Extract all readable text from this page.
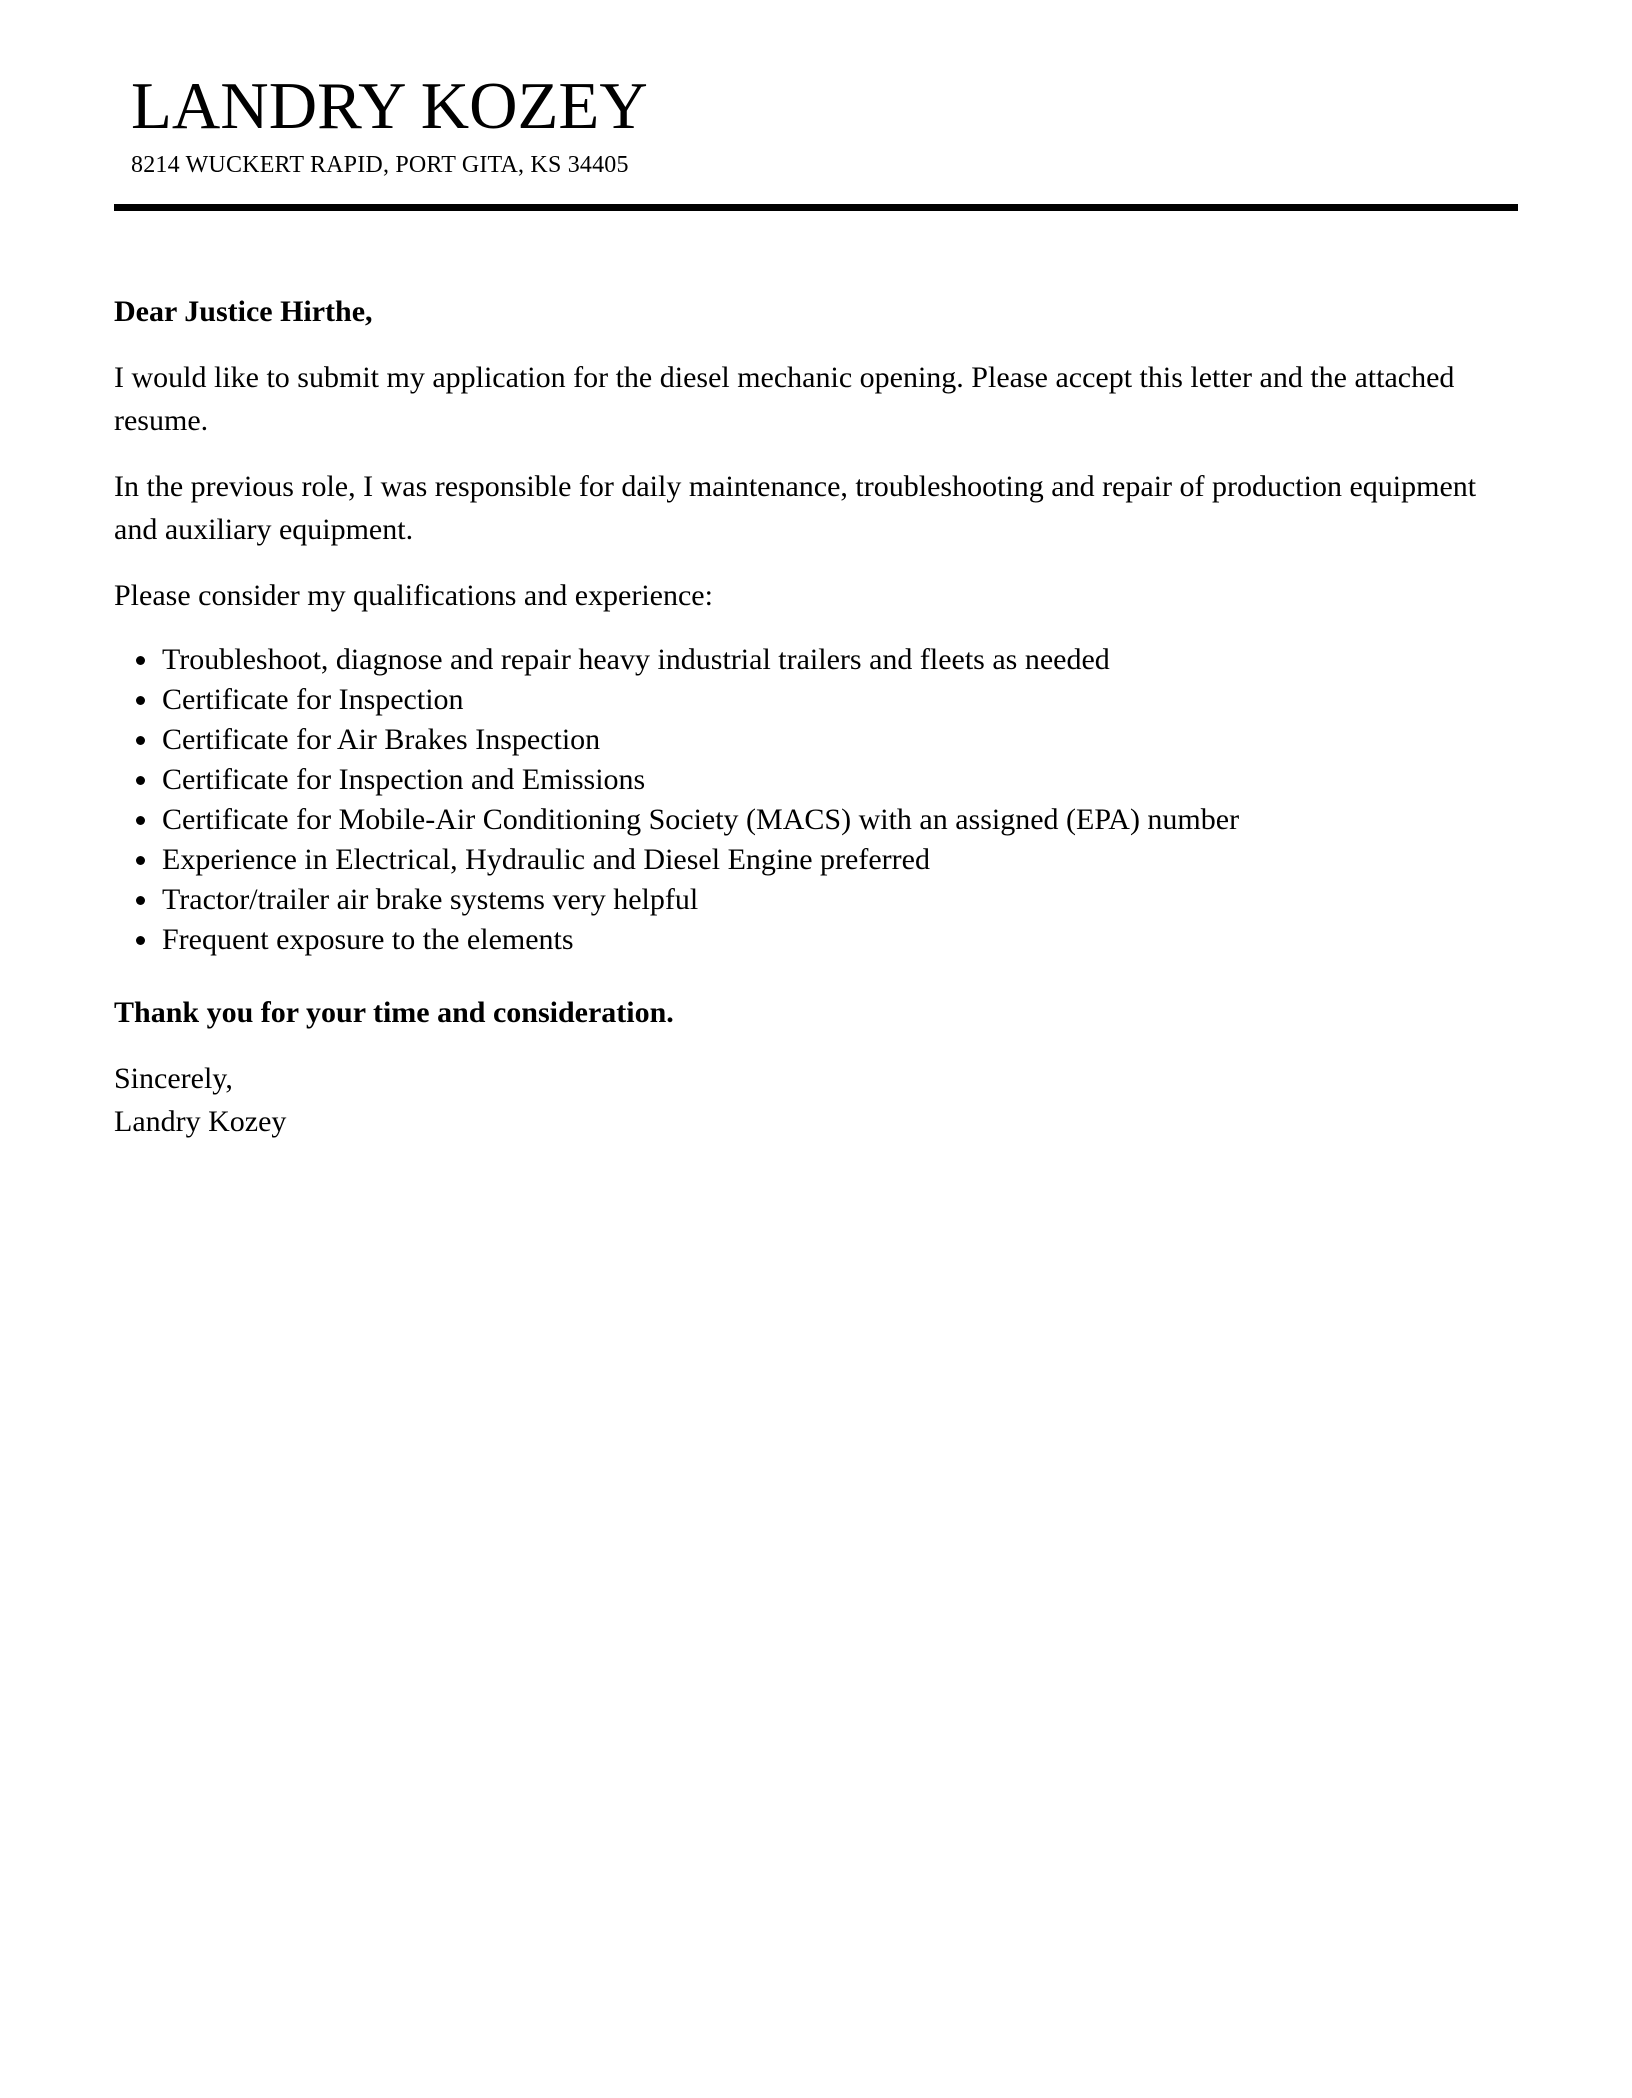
LANDRY KOZEY
8214 WUCKERT RAPID, PORT GITA, KS 34405

Dear Justice Hirthe,

I would like to submit my application for the diesel mechanic opening. Please accept this letter and the attached resume.

In the previous role, I was responsible for daily maintenance, troubleshooting and repair of production equipment and auxiliary equipment.

Please consider my qualifications and experience:

Troubleshoot, diagnose and repair heavy industrial trailers and fleets as needed
Certificate for Inspection
Certificate for Air Brakes Inspection
Certificate for Inspection and Emissions
Certificate for Mobile-Air Conditioning Society (MACS) with an assigned (EPA) number
Experience in Electrical, Hydraulic and Diesel Engine preferred
Tractor/trailer air brake systems very helpful
Frequent exposure to the elements

Thank you for your time and consideration.

Sincerely,

Landry Kozey
